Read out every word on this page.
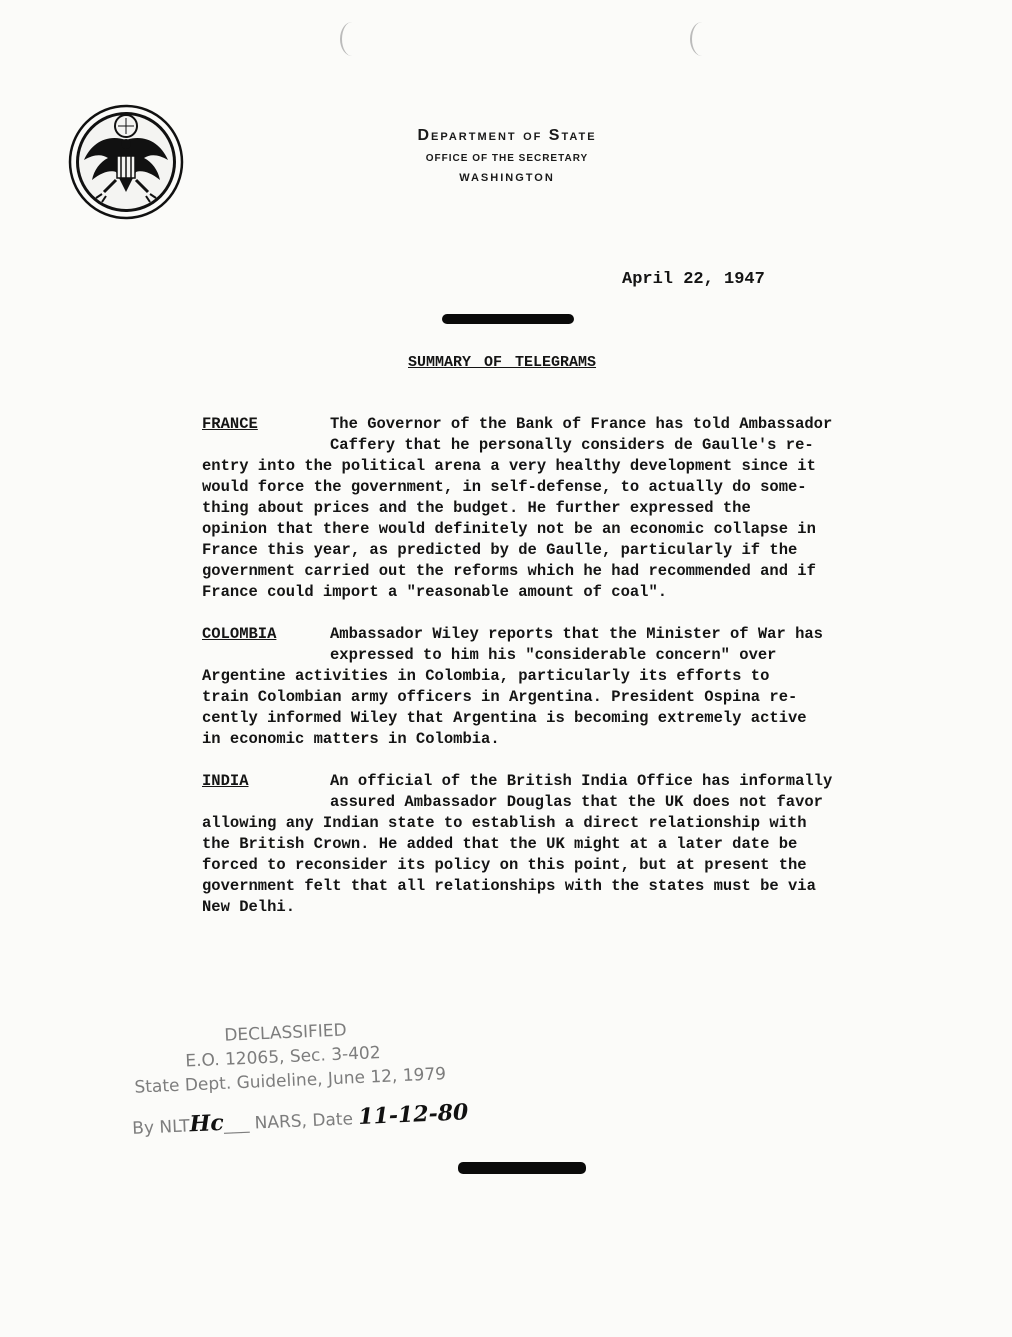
Department of State
OFFICE OF THE SECRETARY
WASHINGTON
April 22, 1947
SUMMARY OF TELEGRAMS
FRANCE	The Governor of the Bank of France has told Ambassador
Caffery that he personally considers de Gaulle's re-
entry into the political arena a very healthy development since it
would force the government, in self-defense, to actually do some-
thing about prices and the budget. He further expressed the
opinion that there would definitely not be an economic collapse in
France this year, as predicted by de Gaulle, particularly if the
government carried out the reforms which he had recommended and if
France could import a "reasonable amount of coal".
COLOMBIA	Ambassador Wiley reports that the Minister of War has
expressed to him his "considerable concern" over
Argentine activities in Colombia, particularly its efforts to
train Colombian army officers in Argentina. President Ospina re-
cently informed Wiley that Argentina is becoming extremely active
in economic matters in Colombia.
INDIA	An official of the British India Office has informally
assured Ambassador Douglas that the UK does not favor
allowing any Indian state to establish a direct relationship with
the British Crown. He added that the UK might at a later date be
forced to reconsider its policy on this point, but at present the
government felt that all relationships with the states must be via
New Delhi.
DECLASSIFIED
E.O. 12065, Sec. 3-402
State Dept. Guideline, June 12, 1979
By NLTHc___ NARS, Date 11-12-80
